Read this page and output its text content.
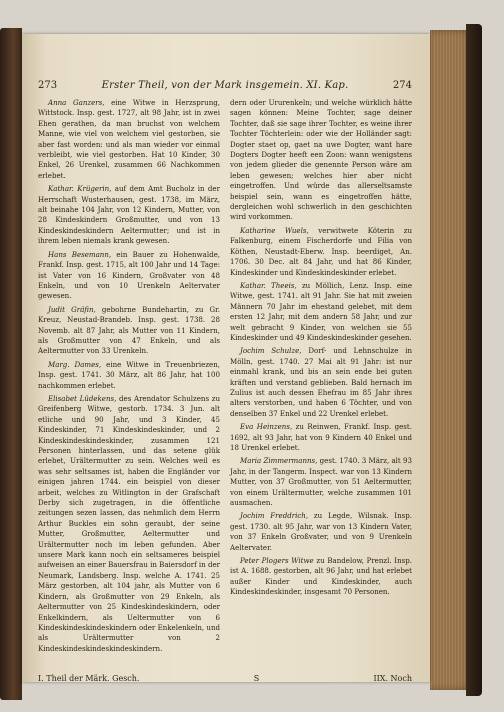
273	Erster Theil, von der Mark insgemein. XI. Kap.	274

Anna Ganzers, eine Witwe in Herzsprung, Wittstock. Insp. gest. 1727, alt 98 Jahr, ist in zwei Ehen gerathen, da man bruchst von welchem Manne, wie viel von welchem viel gestorben, sie aber fast worden: und als man wieder vor einmal verbleibt, wie viel gestorben. Hat 10 Kinder, 30 Enkel, 26 Urenkel, zusammen 66 Nachkommen erlebet.

Kathar. Krügerin, auf dem Amt Bucholz in der Herrschaft Wusterhausen, gest. 1738, im März, alt beinahe 104 Jahr, von 12 Kindern, Mutter, von 28 Kindeskindern Großmutter, und von 13 Kindeskindeskindern Aeltermutter; und ist in ihrem leben niemals krank gewesen.

Hans Besemann, ein Bauer zu Hohenwalde, Frankf. Insp. gest. 1715, alt 100 Jahr und 14 Tage: ist Vater von 16 Kindern, Großvater von 48 Enkeln, und von 10 Urenkeln Aeltervater gewesen.

Judit Gräfin, gebohrne Bundehartin, zu Gr. Kreuz, Neustad-Brandeb. Insp. gest. 1738. 28 Novemb. alt 87 Jahr, als Mutter von 11 Kindern, als Großmutter von 47 Enkeln, und als Aeltermutter von 33 Urenkeln.

Marg. Dames, eine Witwe in Treuenbriezen, Insp. gest. 1741. 30 März, alt 86 Jahr, hat 100 nachkommen erlebet.

Elisabet Lüdekens, des Arendator Schulzens zu Greifenberg Witwe, gestorb. 1734. 3 Jun. alt etliche und 90 Jahr, und 3 Kinder, 45 Kindeskinder, 71 Kindeskindeskinder, und 2 Kindeskindeskindeskinder, zusammen 121 Personen hinterlassen, und das setene glük erlebet, Urältermutter zu sein. Welches weil es was sehr seltsames ist, haben die Engländer vor einigen jahren 1744. ein beispiel von dieser arbeit, welches zu Witlington in der Grafschaft Derby sich zugetragen, in die öffentliche zeitungen sezen lassen, das nehmlich dem Herrn Arthur Buckles ein sohn geraubt, der seine Mutter, Großmutter, Aeltermutter und Urältermutter noch im leben gefunden. Aber unsere Mark kann noch ein seltsameres beispiel aufweisen an einer Bauersfrau in Baiersdorf in der Neumark, Landsberg. Insp. welche A. 1741. 25 März gestorben, alt 104 jahr, als Mutter von 6 Kindern, als Großmutter von 29 Enkeln, als Aeltermutter von 25 Kindeskindeskindern, oder Enkelkindern, als Ueltermutter von 6 Kindeskindeskindeskindern oder Enkelenkeln, und als Urältermutter von 2 Kindeskindeskindeskindeskindern.

dern oder Ururenkeln; und welche würklich hätte sagen können: Meine Tochter, sage deiner Tochter, daß sie sage ihrer Tochter, es weine ihrer Tochter Töchterlein: oder wie der Holländer sagt: Dogter staet op, gaet na uwe Dogter, want hare Dogters Dogter heeft een Zoon: wann wenigstens von jedem glieder die genennte Person wäre am leben gewesen; welches hier aber nicht eingetroffen. Und würde das allerseltsamste beispiel sein, wann es eingetroffen hätte, dergleichen wohl schwerlich in den geschichten wird vorkommen.

Katharine Wuels, verwitwete Köterin zu Falkenburg, einem Fischerdorfe und Filia von Köthen, Neustadt-Eberw. Insp. beerdiget, An. 1706. 30 Dec. alt 84 Jahr, und hat 86 Kinder, Kindeskinder und Kindeskindeskinder erlebet.

Kathar. Theeis, zu Möllich, Lenz. Insp. eine Witwe, gest. 1741. alt 91 Jahr. Sie hat mit zweien Männern 70 Jahr im ehestand gelebet, mit dem ersten 12 Jahr, mit dem andern 58 Jahr, und zur welt gebracht 9 Kinder, von welchen sie 55 Kindeskinder und 49 Kindeskindeskinder gesehen.

Jochim Schulze, Dorf- und Lehnschulze in Mölln, gest. 1740. 27 Mai alt 91 Jahr: ist nur einmahl krank, und bis an sein ende bei guten kräften und verstand geblieben. Bald hernach im Zulius ist auch dessen Ehefrau im 85 Jahr ihres alters verstorben, und haben 6 Töchter, und von denselben 37 Enkel und 22 Urenkel erlebet.

Eva Heinzens, zu Reinwen, Frankf. Insp. gest. 1692, alt 93 Jahr, hat von 9 Kindern 40 Enkel und 18 Urenkel erlebet.

Maria Zimmermanns, gest. 1740. 3 März, alt 93 Jahr, in der Tangerm. Inspect. war von 13 Kindern Mutter, von 37 Großmutter, von 51 Aeltermutter, von einem Urältermutter, welche zusammen 101 ausmachen.

Jochim Freddrich, zu Legde, Wilsnak. Insp. gest. 1730. alt 95 Jahr, war von 13 Kindern Vater, von 37 Enkeln Großvater, und von 9 Urenkeln Aeltervater.

Peter Plogers Witwe zu Bandelow, Prenzl. Insp. ist A. 1688. gestorben, alt 96 Jahr, und hat erlebet außer Kinder und Kindeskinder, auch Kindeskindeskinder, insgesamt 70 Personen.

I. Theil der Märk. Gesch.	S	IIX. Noch
